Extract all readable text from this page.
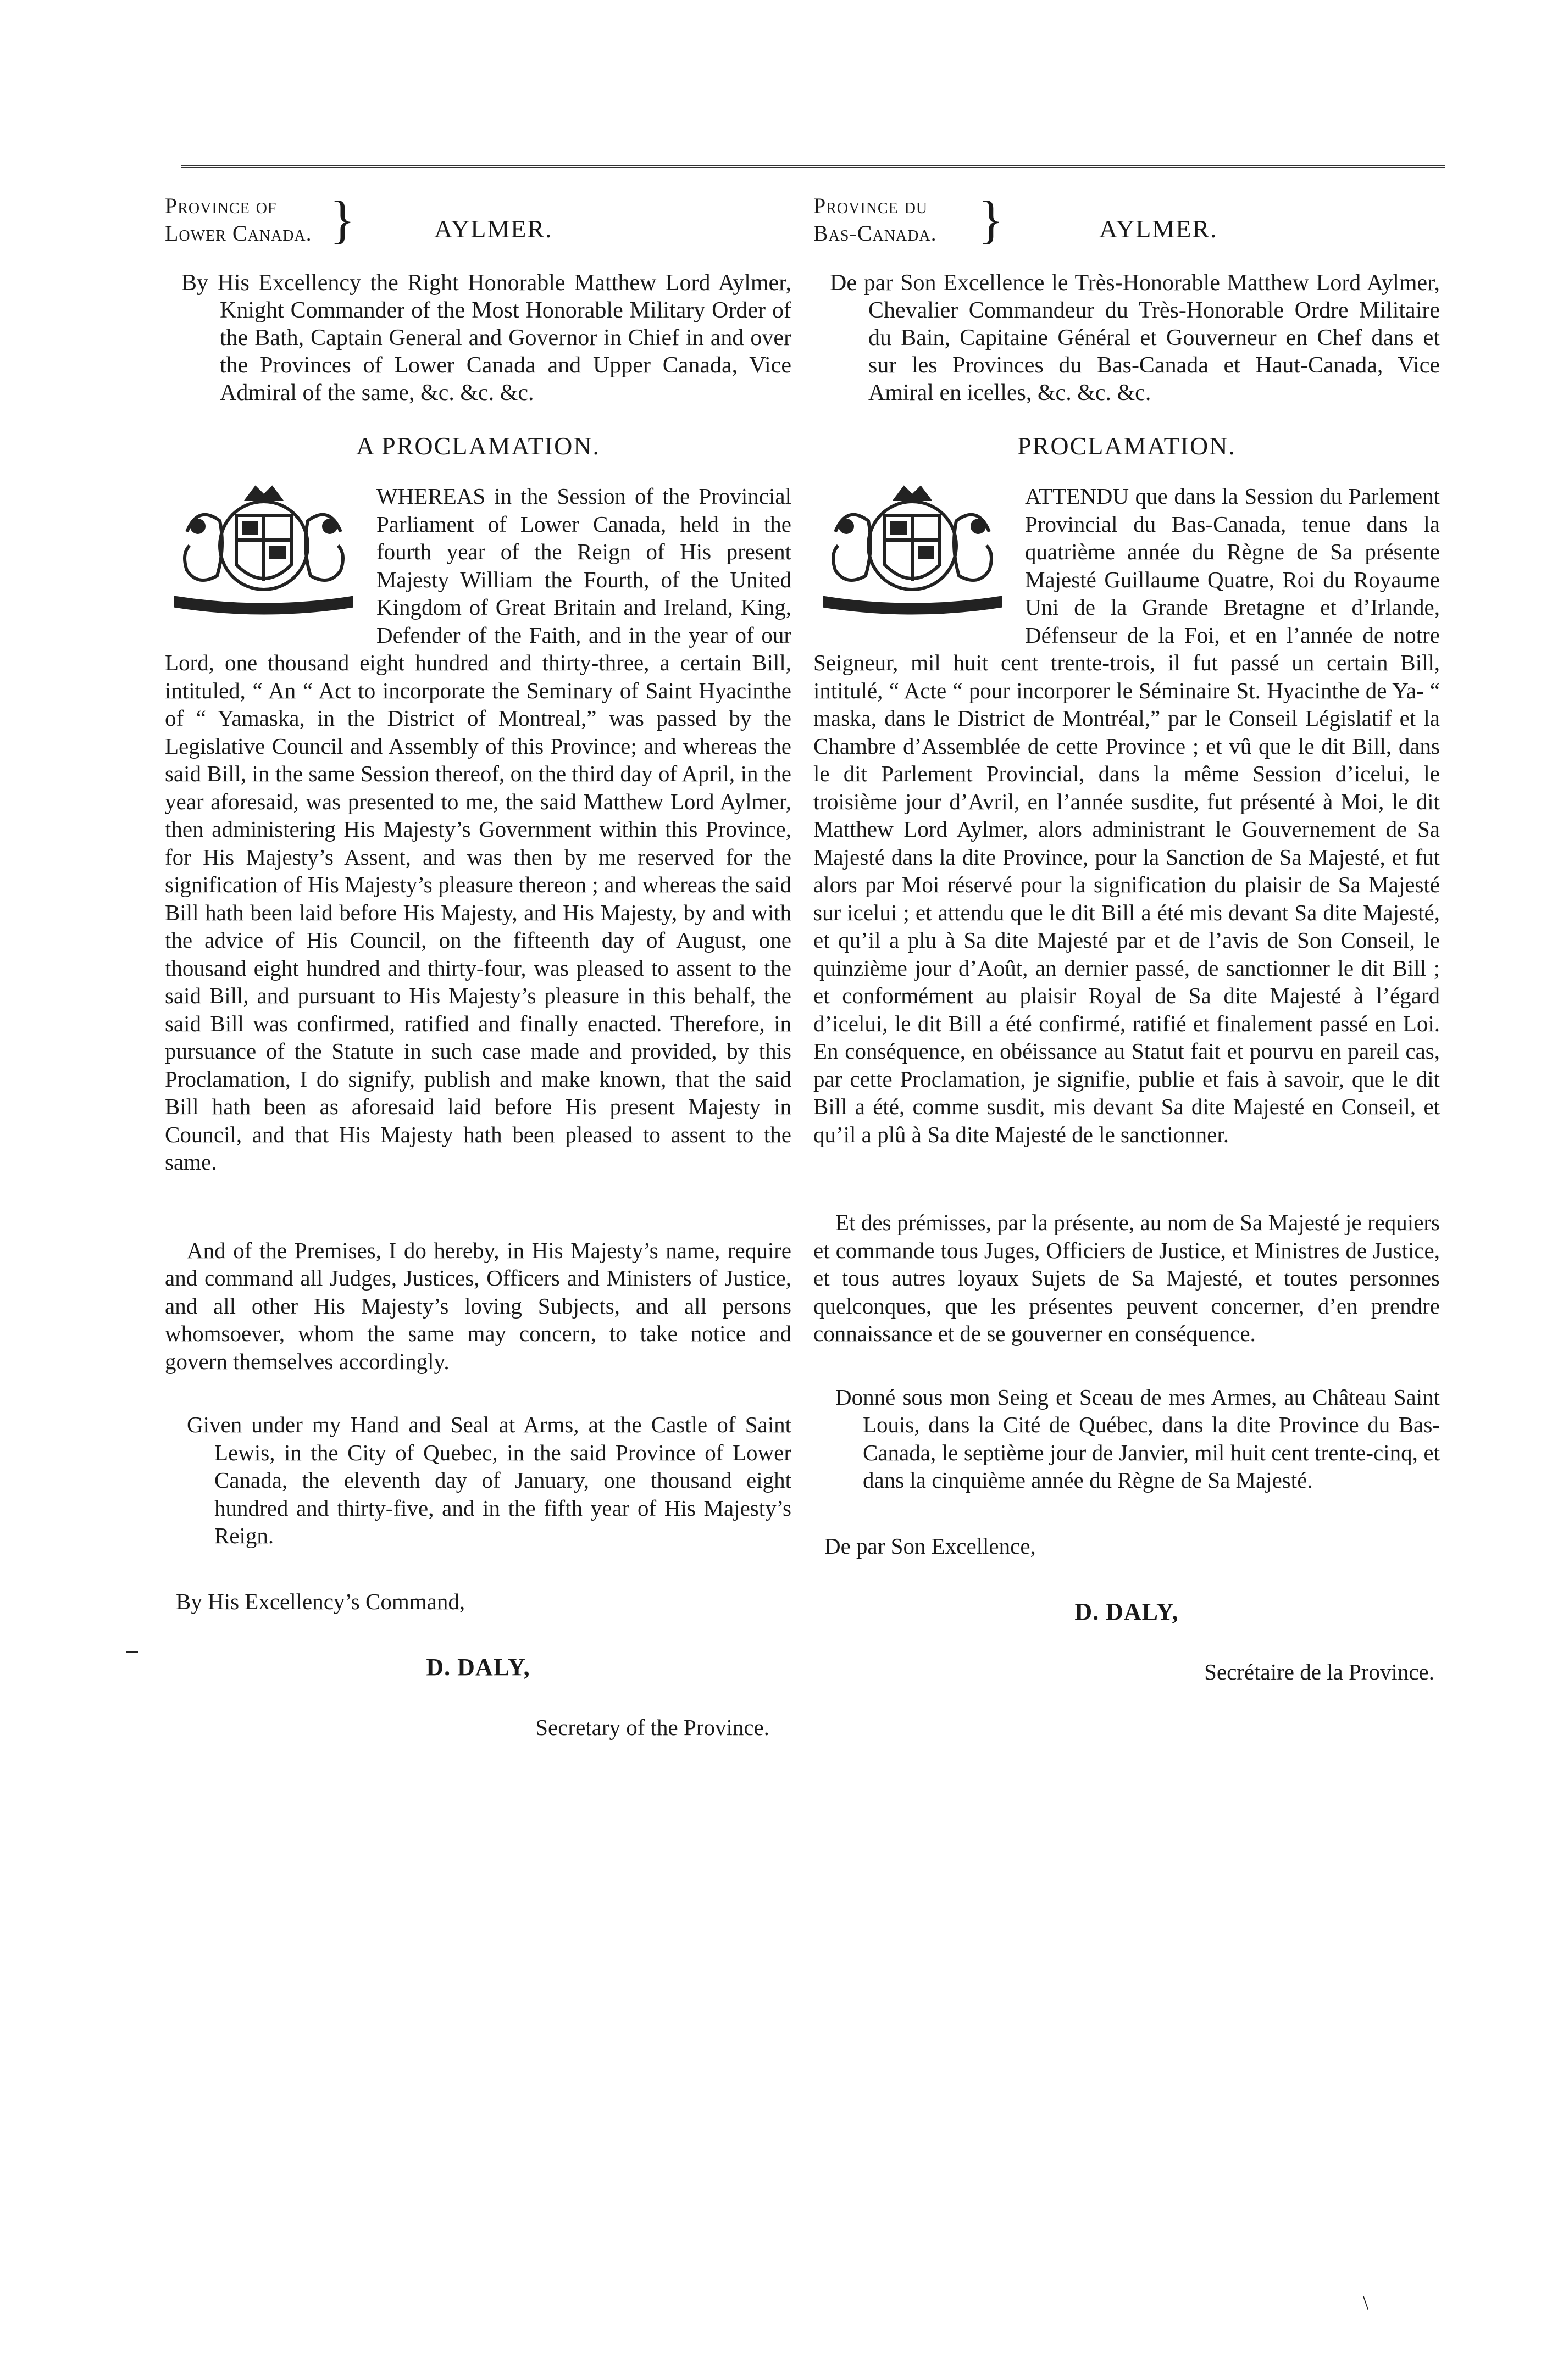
Province of
Lower Canada. }	AYLMER.

By His Excellency the Right Honorable Matthew Lord Aylmer, Knight Commander of the Most Honorable Military Order of the Bath, Captain General and Governor in Chief in and over the Provinces of Lower Canada and Upper Canada, Vice Admiral of the same, &c. &c. &c.

A PROCLAMATION.

WHEREAS in the Session of the Provincial Parliament of Lower Canada, held in the fourth year of the Reign of His present Majesty William the Fourth, of the United Kingdom of Great Britain and Ireland, King, Defender of the Faith, and in the year of our Lord, one thousand eight hundred and thirty-three, a certain Bill, intituled, “ An “ Act to incorporate the Seminary of Saint Hyacinthe of “ Yamaska, in the District of Montreal,” was passed by the Legislative Council and Assembly of this Province; and whereas the said Bill, in the same Session thereof, on the third day of April, in the year aforesaid, was presented to me, the said Matthew Lord Aylmer, then administering His Majesty’s Government within this Province, for His Majesty’s Assent, and was then by me reserved for the signification of His Majesty’s pleasure thereon ; and whereas the said Bill hath been laid before His Majesty, and His Majesty, by and with the advice of His Council, on the fifteenth day of August, one thousand eight hundred and thirty-four, was pleased to assent to the said Bill, and pursuant to His Majesty’s pleasure in this behalf, the said Bill was confirmed, ratified and finally enacted. Therefore, in pursuance of the Statute in such case made and provided, by this Proclamation, I do signify, publish and make known, that the said Bill hath been as aforesaid laid before His present Majesty in Council, and that His Majesty hath been pleased to assent to the same.

And of the Premises, I do hereby, in His Majesty’s name, require and command all Judges, Justices, Officers and Ministers of Justice, and all other His Majesty’s loving Subjects, and all persons whomsoever, whom the same may concern, to take notice and govern themselves accordingly.

Given under my Hand and Seal at Arms, at the Castle of Saint Lewis, in the City of Quebec, in the said Province of Lower Canada, the eleventh day of January, one thousand eight hundred and thirty-five, and in the fifth year of His Majesty’s Reign.

By His Excellency’s Command,
D. DALY,
Secretary of the Province.
Province du
Bas-Canada. }	AYLMER.

De par Son Excellence le Très-Honorable Matthew Lord Aylmer, Chevalier Commandeur du Très-Honorable Ordre Militaire du Bain, Capitaine Général et Gouverneur en Chef dans et sur les Provinces du Bas-Canada et Haut-Canada, Vice Amiral en icelles, &c. &c. &c.

PROCLAMATION.

ATTENDU que dans la Session du Parlement Provincial du Bas-Canada, tenue dans la quatrième année du Règne de Sa présente Majesté Guillaume Quatre, Roi du Royaume Uni de la Grande Bretagne et d’Irlande, Défenseur de la Foi, et en l’année de notre Seigneur, mil huit cent trente-trois, il fut passé un certain Bill, intitulé, “ Acte “ pour incorporer le Séminaire St. Hyacinthe de Ya- “ maska, dans le District de Montréal,” par le Conseil Législatif et la Chambre d’Assemblée de cette Province ; et vû que le dit Bill, dans le dit Parlement Provincial, dans la même Session d’icelui, le troisième jour d’Avril, en l’année susdite, fut présenté à Moi, le dit Matthew Lord Aylmer, alors administrant le Gouvernement de Sa Majesté dans la dite Province, pour la Sanction de Sa Majesté, et fut alors par Moi réservé pour la signification du plaisir de Sa Majesté sur icelui ; et attendu que le dit Bill a été mis devant Sa dite Majesté, et qu’il a plu à Sa dite Majesté par et de l’avis de Son Conseil, le quinzième jour d’Août, an dernier passé, de sanctionner le dit Bill ; et conformément au plaisir Royal de Sa dite Majesté à l’égard d’icelui, le dit Bill a été confirmé, ratifié et finalement passé en Loi. En conséquence, en obéissance au Statut fait et pourvu en pareil cas, par cette Proclamation, je signifie, publie et fais à savoir, que le dit Bill a été, comme susdit, mis devant Sa dite Majesté en Conseil, et qu’il a plû à Sa dite Majesté de le sanctionner.

Et des prémisses, par la présente, au nom de Sa Majesté je requiers et commande tous Juges, Officiers de Justice, et Ministres de Justice, et tous autres loyaux Sujets de Sa Majesté, et toutes personnes quelconques, que les présentes peuvent concerner, d’en prendre connaissance et de se gouverner en conséquence.

Donné sous mon Seing et Sceau de mes Armes, au Château Saint Louis, dans la Cité de Québec, dans la dite Province du Bas-Canada, le septième jour de Janvier, mil huit cent trente-cinq, et dans la cinquième année du Règne de Sa Majesté.

De par Son Excellence,
D. DALY,
Secrétaire de la Province.
\
